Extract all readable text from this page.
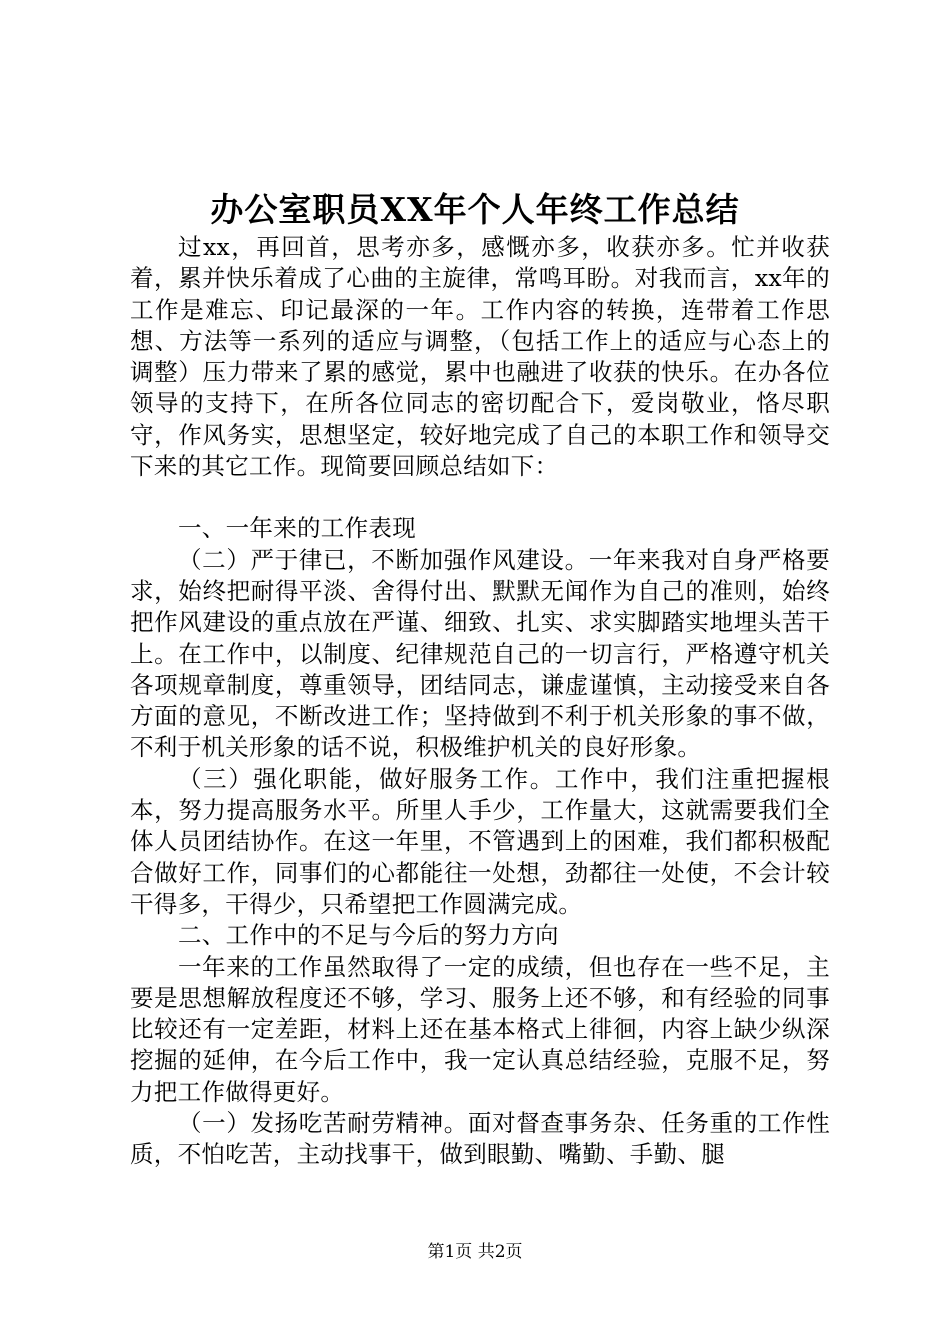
办公室职员XX年个人年终工作总结

过xx，再回首，思考亦多，感慨亦多，收获亦多。忙并收获着，累并快乐着成了心曲的主旋律，常鸣耳盼。对我而言，xx年的工作是难忘、印记最深的一年。工作内容的转换，连带着工作思想、方法等一系列的适应与调整，（包括工作上的适应与心态上的调整）压力带来了累的感觉，累中也融进了收获的快乐。在办各位领导的支持下，在所各位同志的密切配合下，爱岗敬业，恪尽职守，作风务实，思想坚定，较好地完成了自己的本职工作和领导交下来的其它工作。现简要回顾总结如下：

一、一年来的工作表现

（二）严于律已，不断加强作风建设。一年来我对自身严格要求，始终把耐得平淡、舍得付出、默默无闻作为自己的准则，始终把作风建设的重点放在严谨、细致、扎实、求实脚踏实地埋头苦干上。在工作中，以制度、纪律规范自己的一切言行，严格遵守机关各项规章制度，尊重领导，团结同志，谦虚谨慎，主动接受来自各方面的意见，不断改进工作；坚持做到不利于机关形象的事不做，不利于机关形象的话不说，积极维护机关的良好形象。

（三）强化职能，做好服务工作。工作中，我们注重把握根本，努力提高服务水平。所里人手少，工作量大，这就需要我们全体人员团结协作。在这一年里，不管遇到上的困难，我们都积极配合做好工作，同事们的心都能往一处想，劲都往一处使，不会计较干得多，干得少，只希望把工作圆满完成。

二、工作中的不足与今后的努力方向

一年来的工作虽然取得了一定的成绩，但也存在一些不足，主要是思想解放程度还不够，学习、服务上还不够，和有经验的同事比较还有一定差距，材料上还在基本格式上徘徊，内容上缺少纵深挖掘的延伸，在今后工作中，我一定认真总结经验，克服不足，努力把工作做得更好。

（一）发扬吃苦耐劳精神。面对督查事务杂、任务重的工作性质，不怕吃苦，主动找事干，做到眼勤、嘴勤、手勤、腿

第1页 共2页
